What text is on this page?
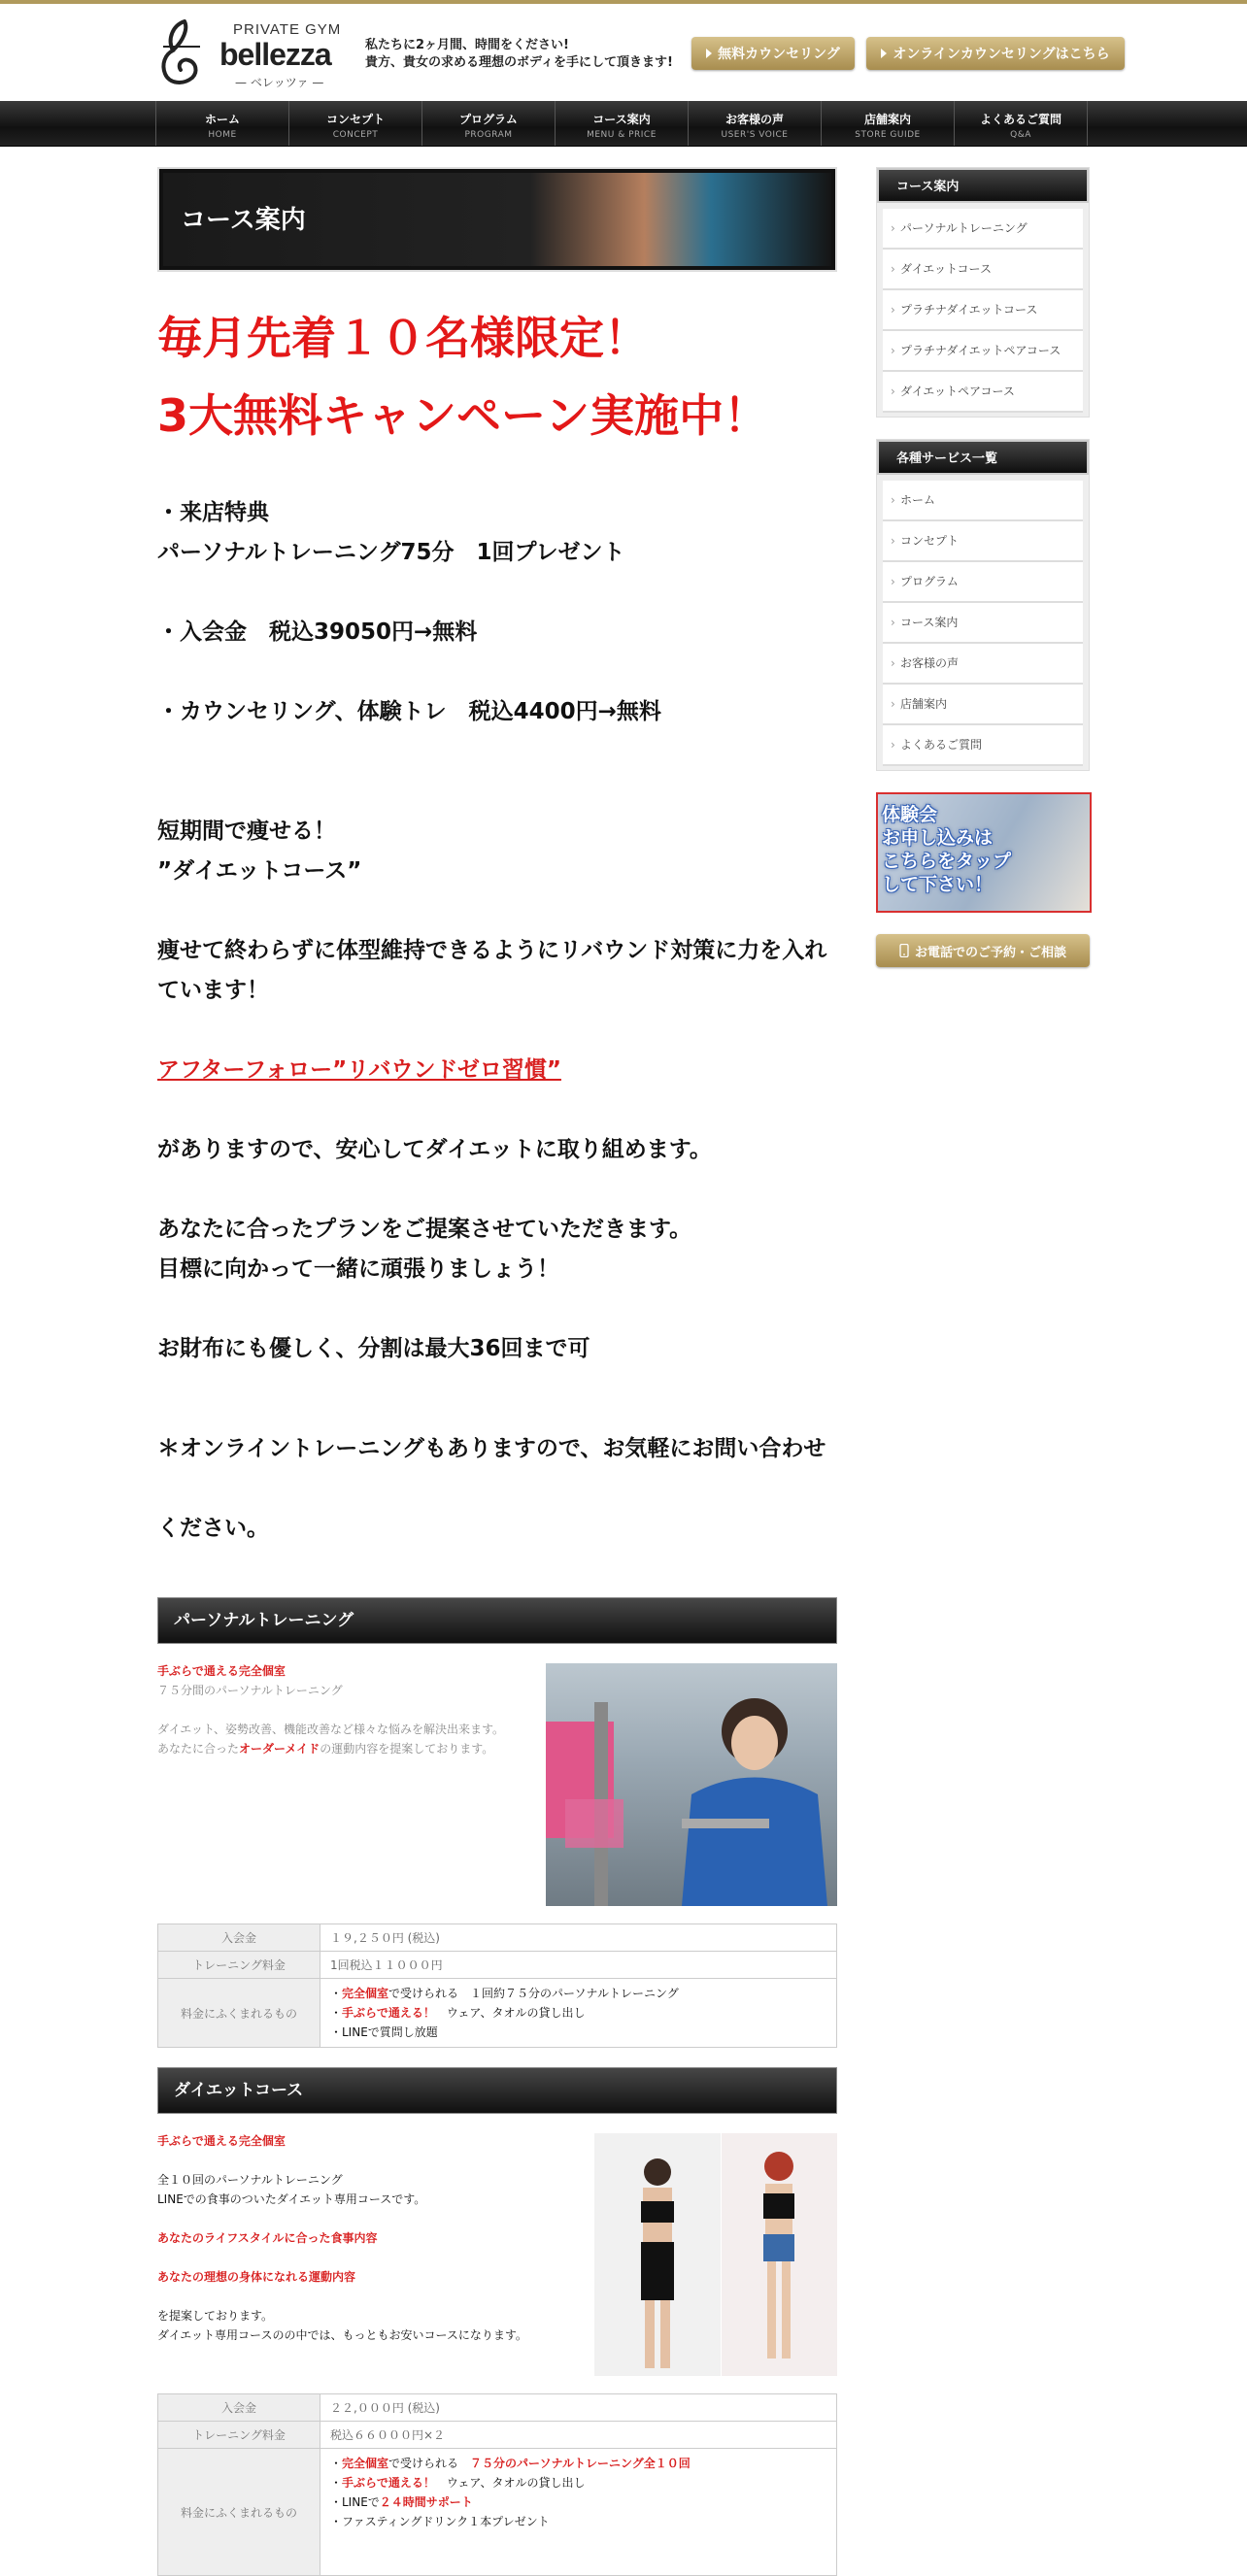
PRIVATE GYM
bellezza
— ベレッツァ —
私たちに2ヶ月間、時間をください!
貴方、貴女の求める理想のボディを手にして頂きます!
無料カウンセリング	オンラインカウンセリングはこちら
ホーム
HOME
コンセプト
CONCEPT
プログラム
PROGRAM
コース案内
MENU & PRICE
お客様の声
USER'S VOICE
店舗案内
STORE GUIDE
よくあるご質問
Q&A
コース案内

毎月先着１０名様限定！

3大無料キャンペーン実施中！

・来店特典
パーソナルトレーニング75分　1回プレゼント
・入会金　税込39050円→無料
・カウンセリング、体験トレ　税込4400円→無料
短期間で痩せる！
”ダイエットコース”
痩せて終わらずに体型維持できるようにリバウンド対策に力を入れています！
アフターフォロー”リバウンドゼロ習慣”
がありますので、安心してダイエットに取り組めます。
あなたに合ったプランをご提案させていただきます。
目標に向かって一緒に頑張りましょう！
お財布にも優しく、分割は最大36回まで可
＊オンライントレーニングもありますので、お気軽にお問い合わせください。
パーソナルトレーニング
手ぶらで通える完全個室
７５分間のパーソナルトレーニング
ダイエット、姿勢改善、機能改善など様々な悩みを解決出来ます。
あなたに合ったオーダーメイドの運動内容を提案しております。
入会金	１９,２５０円 (税込)
トレーニング料金	1回税込１１０００円
料金にふくまれるもの	・完全個室で受けられる　１回約７５分のパーソナルトレーニング
・手ぶらで通える！　ウェア、タオルの貸し出し
・LINEで質問し放題
ダイエットコース
手ぶらで通える完全個室
全１０回のパーソナルトレーニング
LINEでの食事のついたダイエット専用コースです。
あなたのライフスタイルに合った食事内容
あなたの理想の身体になれる運動内容
を提案しております。
ダイエット専用コースのの中では、もっともお安いコースになります。
入会金	２２,０００円 (税込)
トレーニング料金	税込６６０００円×２
料金にふくまれるもの	・完全個室で受けられる　７５分のパーソナルトレーニング全１０回
・手ぶらで通える！　ウェア、タオルの貸し出し
・LINEで２４時間サポート
・ファスティングドリンク１本プレゼント
コース案内
› パーソナルトレーニング
› ダイエットコース
› プラチナダイエットコース
› プラチナダイエットペアコース
› ダイエットペアコース
各種サービス一覧
› ホーム
› コンセプト
› プログラム
› コース案内
› お客様の声
› 店舗案内
› よくあるご質問
体験会
お申し込みは
こちらをタップ
して下さい！
お電話でのご予約・ご相談
